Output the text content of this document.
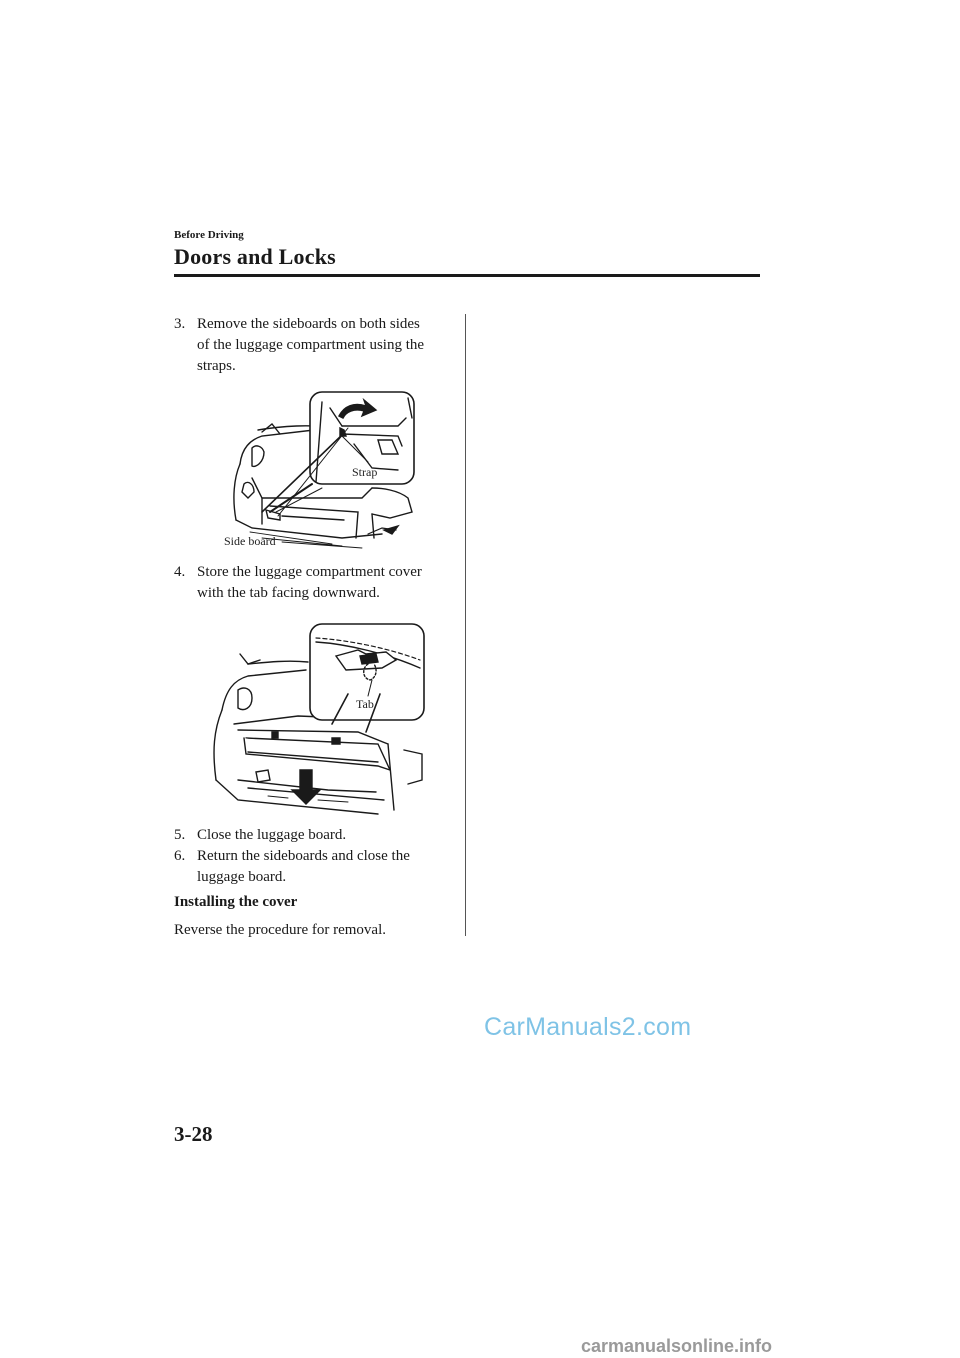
Before Driving
Doors and Locks
3. Remove the sideboards on both sides
of the luggage compartment using the
straps.
Strap
Side board
4. Store the luggage compartment cover
with the tab facing downward.
Tab
5. Close the luggage board.
6. Return the sideboards and close the
luggage board.
Installing the cover
Reverse the procedure for removal.
CarManuals2.com
3-28
carmanualsonline.info
